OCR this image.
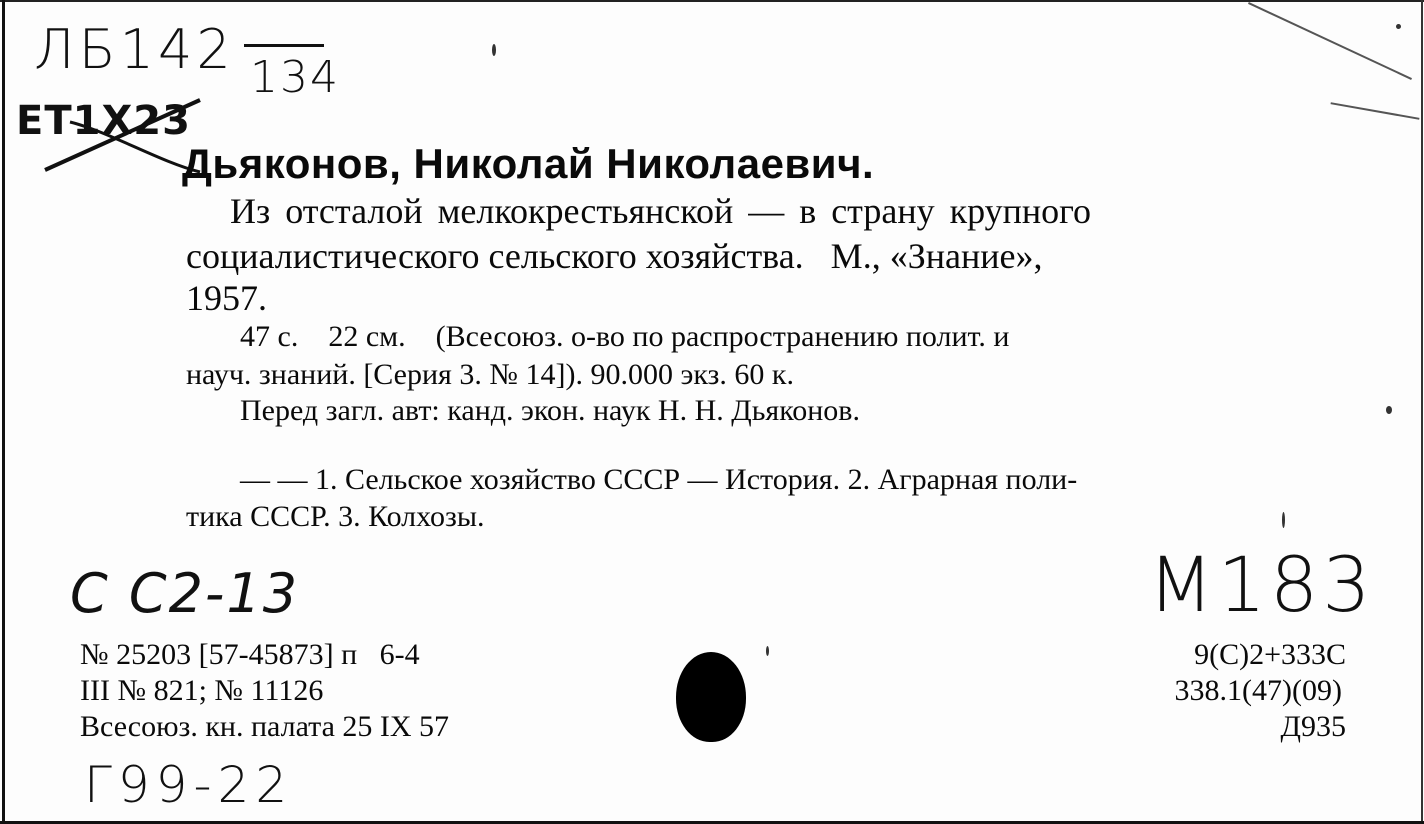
ЛБ142 134
ЕТ1Х23
Дьяконов, Николай Николаевич.
Из отсталой мелкокрестьянской — в страну крупного
социалистического сельского хозяйства.   М., «Знание»,
1957.
47 с.    22 см.    (Всесоюз. о-во по распространению полит. и
науч. знаний. [Серия 3. № 14]). 90.000 экз. 60 к.
Перед загл. авт: канд. экон. наук Н. Н. Дьяконов.
— — 1. Сельское хозяйство СССР — История. 2. Аграрная поли-
тика СССР. 3. Колхозы.
С С2-13	M183
Г99-22
№ 25203 [57-45873] п   6-4
III № 821; № 11126
Всесоюз. кн. палата 25 IX 57
9(С)2+333С
338.1(47)(09)
Д935
